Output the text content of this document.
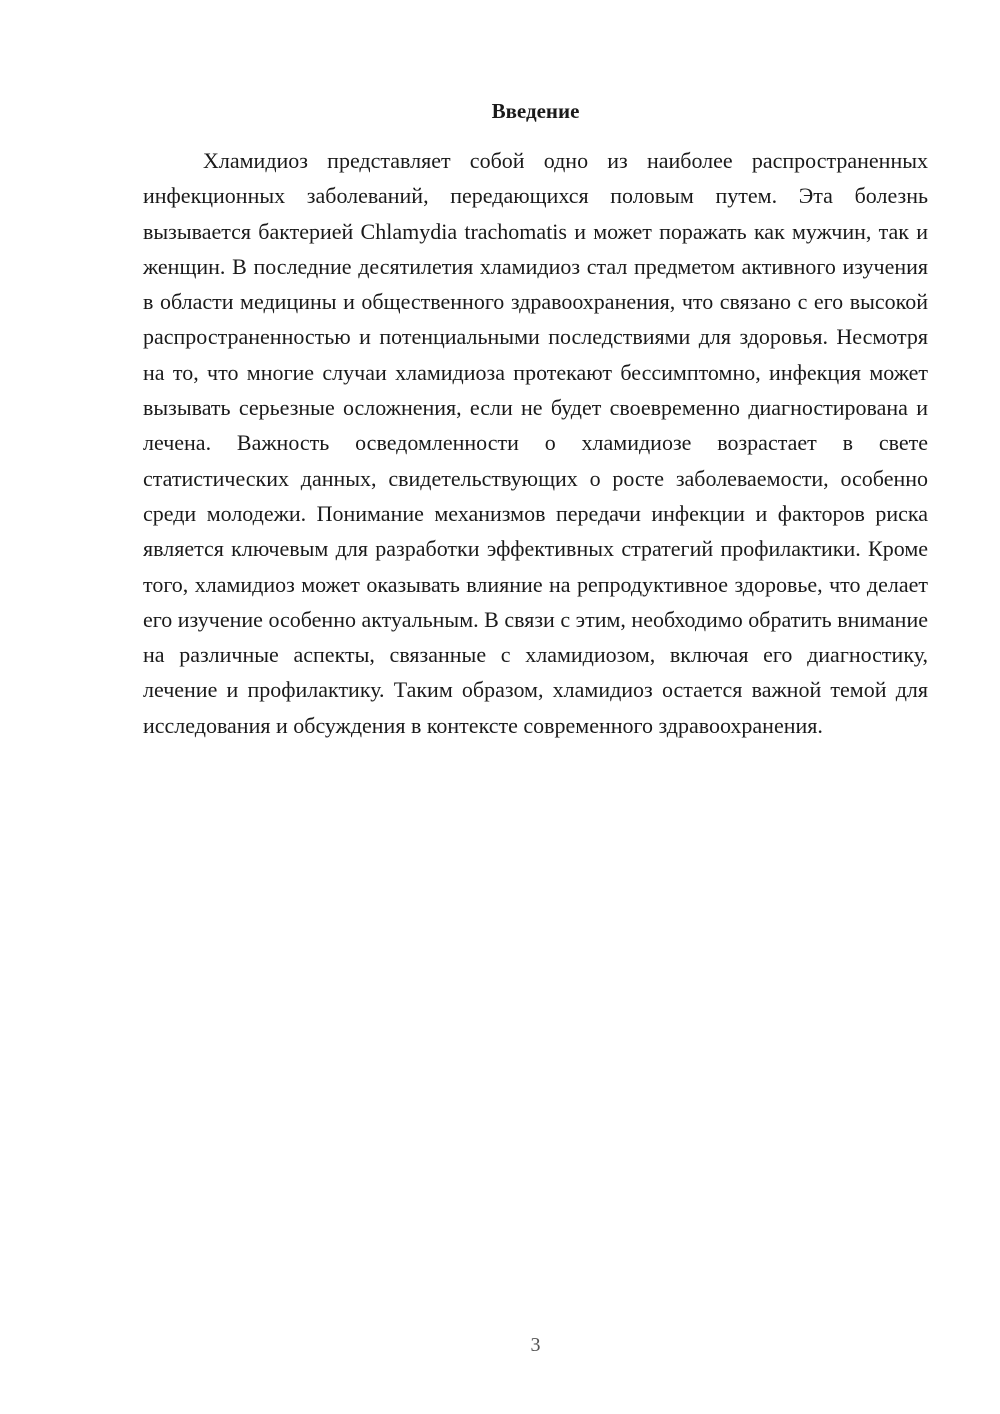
Введение

Хламидиоз представляет собой одно из наиболее распространенных инфекционных заболеваний, передающихся половым путем. Эта болезнь вызывается бактерией Chlamydia trachomatis и может поражать как мужчин, так и женщин. В последние десятилетия хламидиоз стал предметом активного изучения в области медицины и общественного здравоохранения, что связано с его высокой распространенностью и потенциальными последствиями для здоровья. Несмотря на то, что многие случаи хламидиоза протекают бессимптомно, инфекция может вызывать серьезные осложнения, если не будет своевременно диагностирована и лечена. Важность осведомленности о хламидиозе возрастает в свете статистических данных, свидетельствующих о росте заболеваемости, особенно среди молодежи. Понимание механизмов передачи инфекции и факторов риска является ключевым для разработки эффективных стратегий профилактики. Кроме того, хламидиоз может оказывать влияние на репродуктивное здоровье, что делает его изучение особенно актуальным. В связи с этим, необходимо обратить внимание на различные аспекты, связанные с хламидиозом, включая его диагностику, лечение и профилактику. Таким образом, хламидиоз остается важной темой для исследования и обсуждения в контексте современного здравоохранения.

3
